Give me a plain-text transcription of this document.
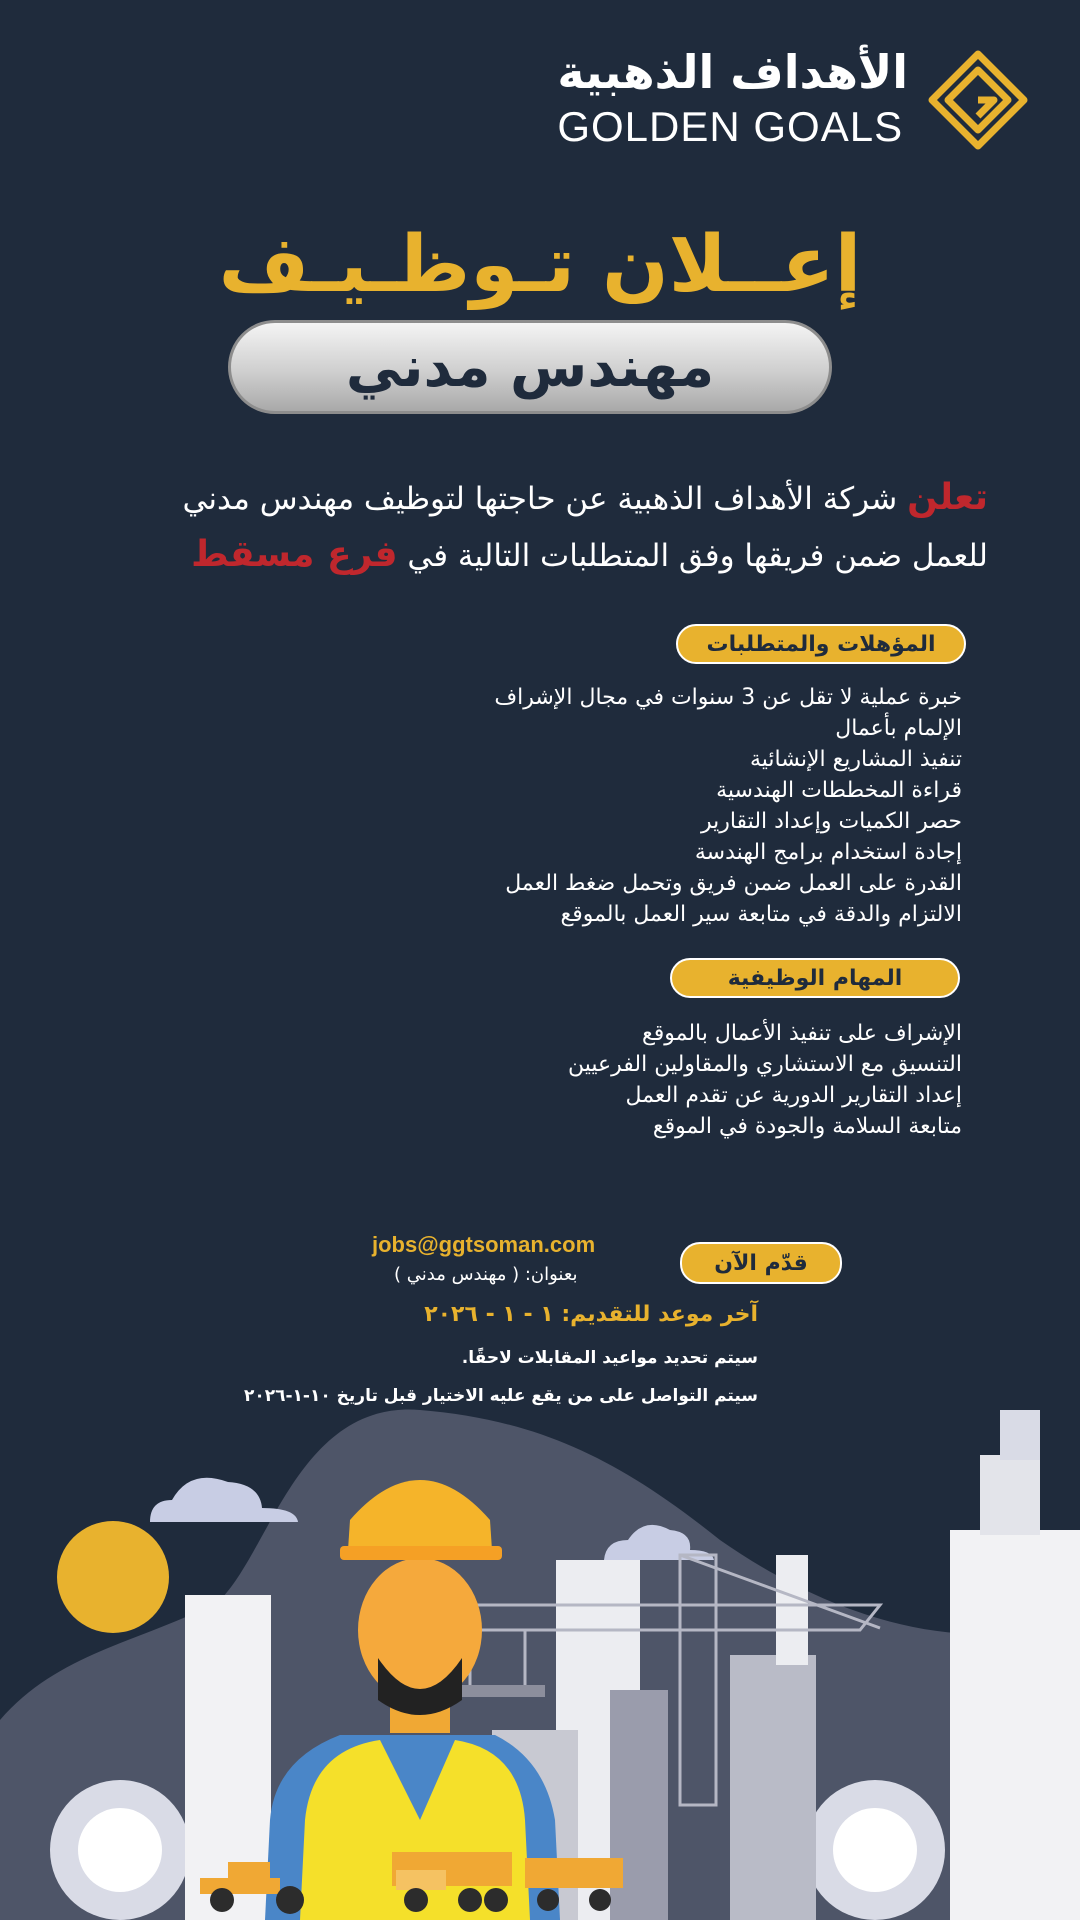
الأهداف الذهبية
GOLDEN GOALS
إعــلان تـوظـيـف
مهندس مدني
تعلن شركة الأهداف الذهبية عن حاجتها لتوظيف مهندس مدني
للعمل ضمن فريقها وفق المتطلبات التالية في فرع مسقط
المؤهلات والمتطلبات
خبرة عملية لا تقل عن 3 سنوات في مجال الإشراف
الإلمام بأعمال
تنفيذ المشاريع الإنشائية
قراءة المخططات الهندسية
حصر الكميات وإعداد التقارير
إجادة استخدام برامج الهندسة
القدرة على العمل ضمن فريق وتحمل ضغط العمل
الالتزام والدقة في متابعة سير العمل بالموقع
المهام الوظيفية
الإشراف على تنفيذ الأعمال بالموقع
التنسيق مع الاستشاري والمقاولين الفرعيين
إعداد التقارير الدورية عن تقدم العمل
متابعة السلامة والجودة في الموقع
قدّم الآن
jobs@ggtsoman.com
بعنوان: ( مهندس مدني )
آخر موعد للتقديم: ١ - ١ - ٢٠٢٦
سيتم تحديد مواعيد المقابلات لاحقًا.
سيتم التواصل على من يقع عليه الاختيار قبل تاريخ ١٠-١-٢٠٢٦
